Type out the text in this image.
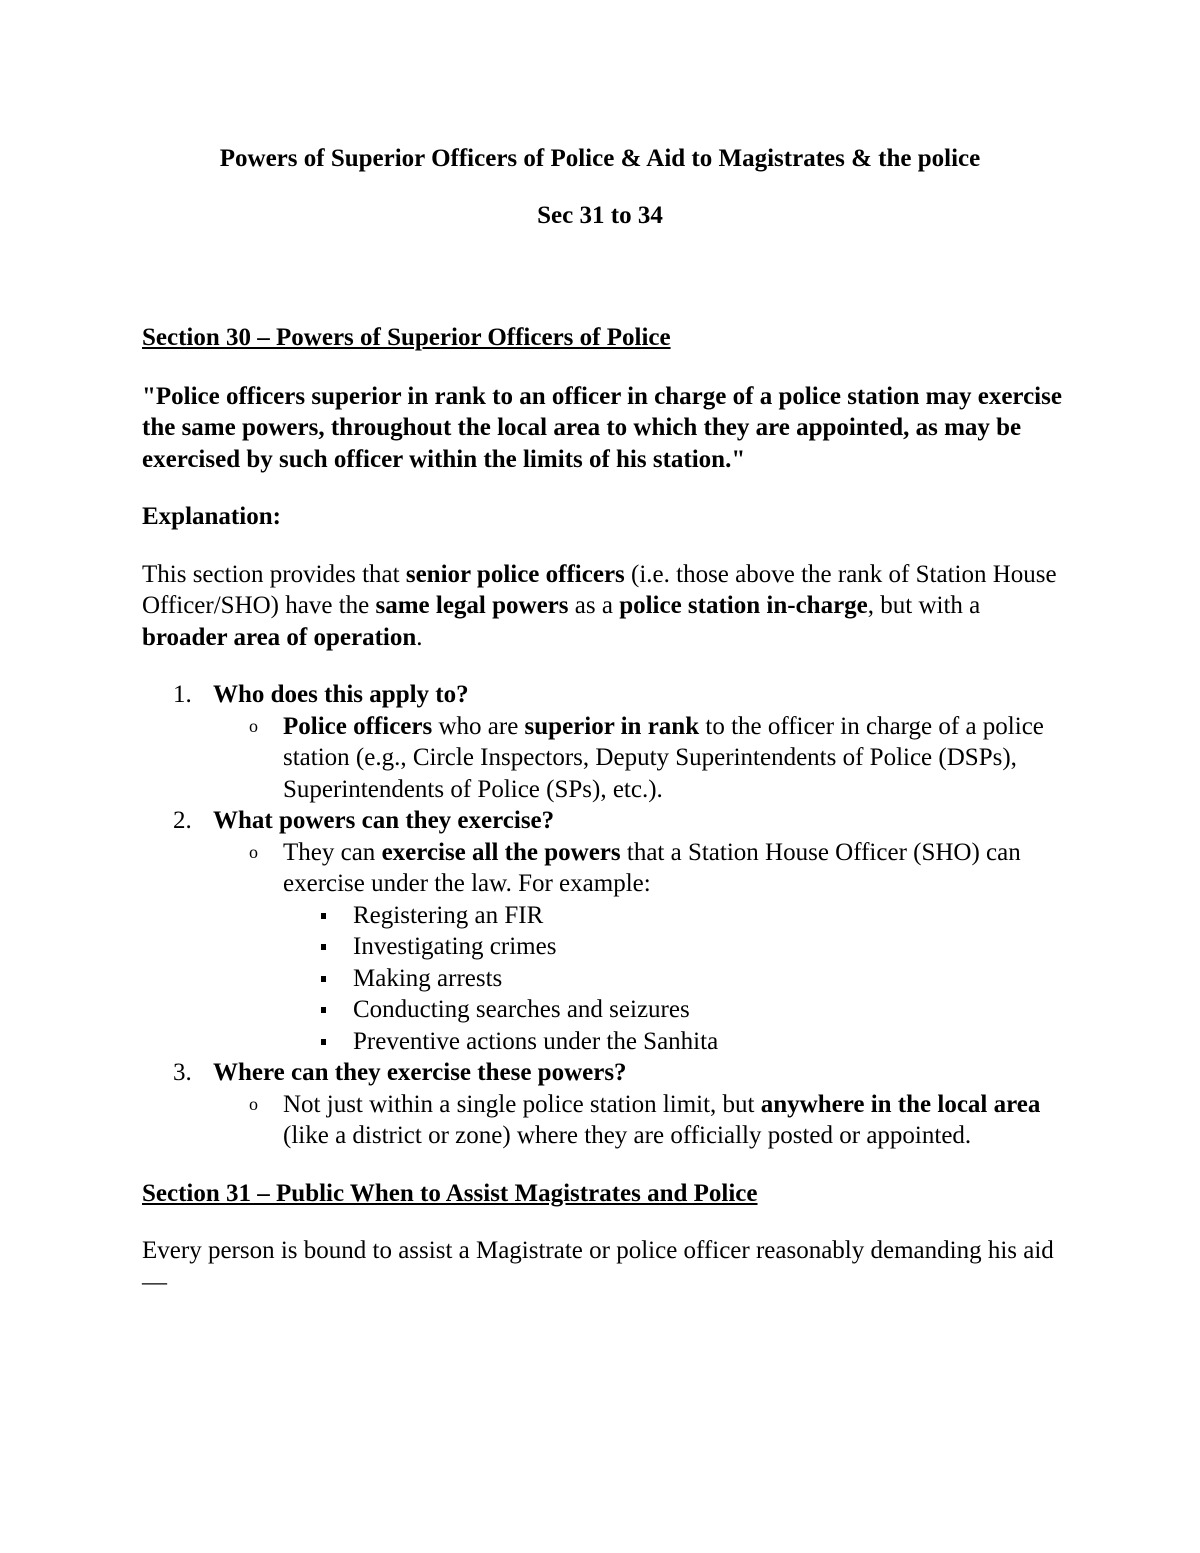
Powers of Superior Officers of Police & Aid to Magistrates & the police

Sec 31 to 34

Section 30 – Powers of Superior Officers of Police

"Police officers superior in rank to an officer in charge of a police station may exercise the same powers, throughout the local area to which they are appointed, as may be exercised by such officer within the limits of his station."

Explanation:

This section provides that senior police officers (i.e. those above the rank of Station House Officer/SHO) have the same legal powers as a police station in-charge, but with a broader area of operation.

1. Who does this apply to?
o Police officers who are superior in rank to the officer in charge of a police station (e.g., Circle Inspectors, Deputy Superintendents of Police (DSPs), Superintendents of Police (SPs), etc.).
2. What powers can they exercise?
o They can exercise all the powers that a Station House Officer (SHO) can exercise under the law. For example:
Registering an FIR
Investigating crimes
Making arrests
Conducting searches and seizures
Preventive actions under the Sanhita
3. Where can they exercise these powers?
o Not just within a single police station limit, but anywhere in the local area (like a district or zone) where they are officially posted or appointed.

Section 31 – Public When to Assist Magistrates and Police

Every person is bound to assist a Magistrate or police officer reasonably demanding his aid—
